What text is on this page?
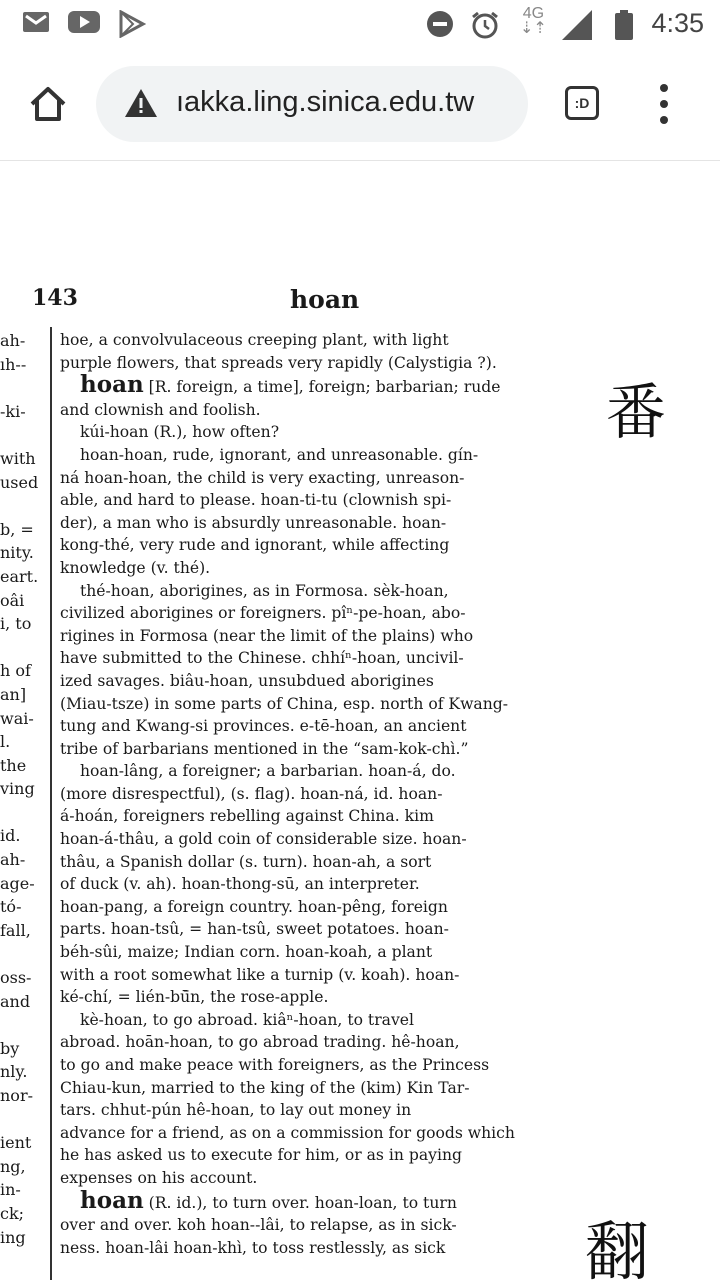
4G
⇣⇡	4:35
ıakka.ling.sinica.edu.tw	:D
143	hoan
ah-
ıh--
-ki-
with
used
b, =
nity.
eart.
oâi
i, to
h of
an]
wai-
l.
the
ving
id.
ah-
age-
tó-
fall,
oss-
and
by
nly.
nor-
ient
ng,
in-
ck;
ing

hoe, a convolvulaceous creeping plant, with light

purple flowers, that spreads very rapidly (Calystigia ?).

hoan [R. foreign, a time], foreign; barbarian; rude

and clownish and foolish.

kúi-hoan (R.), how often?

hoan-hoan, rude, ignorant, and unreasonable. gín-

ná hoan-hoan, the child is very exacting, unreason-

able, and hard to please. hoan-ti-tu (clownish spi-

der), a man who is absurdly unreasonable. hoan-

kong-thé, very rude and ignorant, while affecting

knowledge (v. thé).

thé-hoan, aborigines, as in Formosa. sèk-hoan,

civilized aborigines or foreigners. pîⁿ-pe-hoan, abo-

rigines in Formosa (near the limit of the plains) who

have submitted to the Chinese. chhíⁿ-hoan, uncivil-

ized savages. biâu-hoan, unsubdued aborigines

(Miau-tsze) in some parts of China, esp. north of Kwang-

tung and Kwang-si provinces. e-tē-hoan, an ancient

tribe of barbarians mentioned in the “sam-kok-chì.”

hoan-lâng, a foreigner; a barbarian. hoan-á, do.

(more disrespectful), (s. flag). hoan-ná, id. hoan-

á-hoán, foreigners rebelling against China. kim

hoan-á-thâu, a gold coin of considerable size. hoan-

thâu, a Spanish dollar (s. turn). hoan-ah, a sort

of duck (v. ah). hoan-thong-sū, an interpreter.

hoan-pang, a foreign country. hoan-pêng, foreign

parts. hoan-tsû, = han-tsû, sweet potatoes. hoan-

béh-sûi, maize; Indian corn. hoan-koah, a plant

with a root somewhat like a turnip (v. koah). hoan-

ké-chí, = lién-bū̄n, the rose-apple.

kè-hoan, to go abroad. kiâⁿ-hoan, to travel

abroad. hoān-hoan, to go abroad trading. hê-hoan,

to go and make peace with foreigners, as the Princess

Chiau-kun, married to the king of the (kim) Kin Tar-

tars. chhut-pún hê-hoan, to lay out money in

advance for a friend, as on a commission for goods which

he has asked us to execute for him, or as in paying

expenses on his account.

hoan (R. id.), to turn over. hoan-loan, to turn

over and over. koh hoan--lâi, to relapse, as in sick-

ness. hoan-lâi hoan-khì, to toss restlessly, as sick

番
翻
